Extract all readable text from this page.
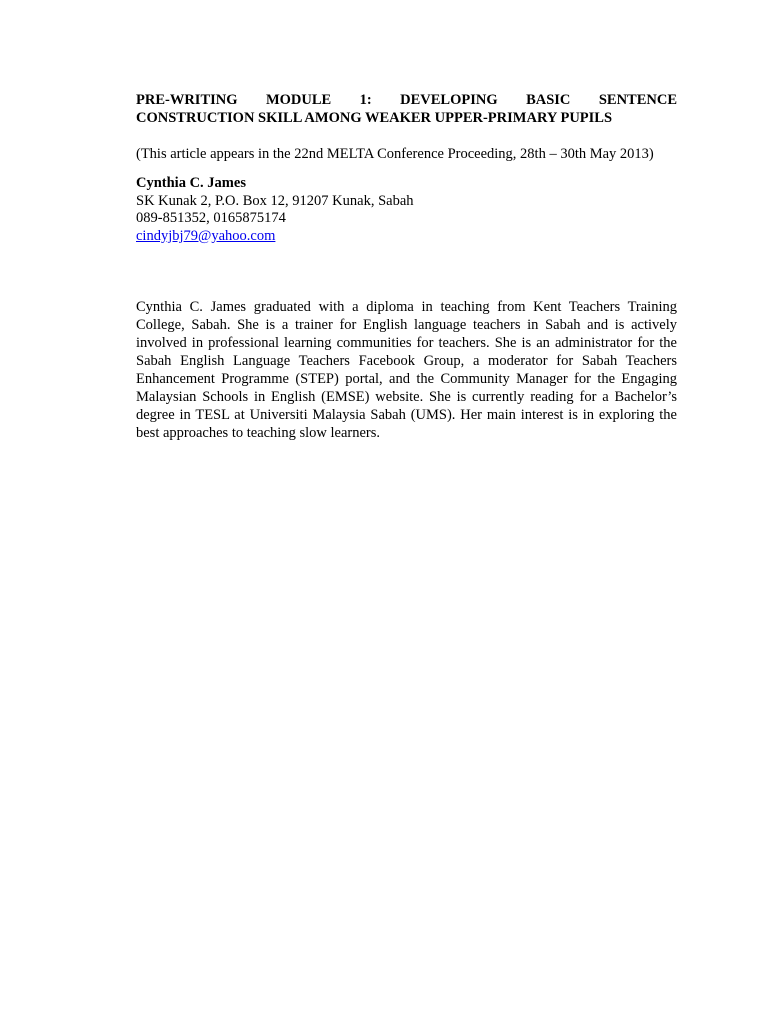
PRE-WRITING MODULE 1: DEVELOPING BASIC SENTENCE
CONSTRUCTION SKILL AMONG WEAKER UPPER-PRIMARY PUPILS

(This article appears in the 22nd MELTA Conference Proceeding, 28th – 30th May 2013)

Cynthia C. James
SK Kunak 2, P.O. Box 12, 91207 Kunak, Sabah
089-851352, 0165875174
cindyjbj79@yahoo.com

Cynthia C. James graduated with a diploma in teaching from Kent Teachers Training College, Sabah. She is a trainer for English language teachers in Sabah and is actively involved in professional learning communities for teachers. She is an administrator for the Sabah English Language Teachers Facebook Group, a moderator for Sabah Teachers Enhancement Programme (STEP) portal, and the Community Manager for the Engaging Malaysian Schools in English (EMSE) website. She is currently reading for a Bachelor’s degree in TESL at Universiti Malaysia Sabah (UMS). Her main interest is in exploring the best approaches to teaching slow learners.
